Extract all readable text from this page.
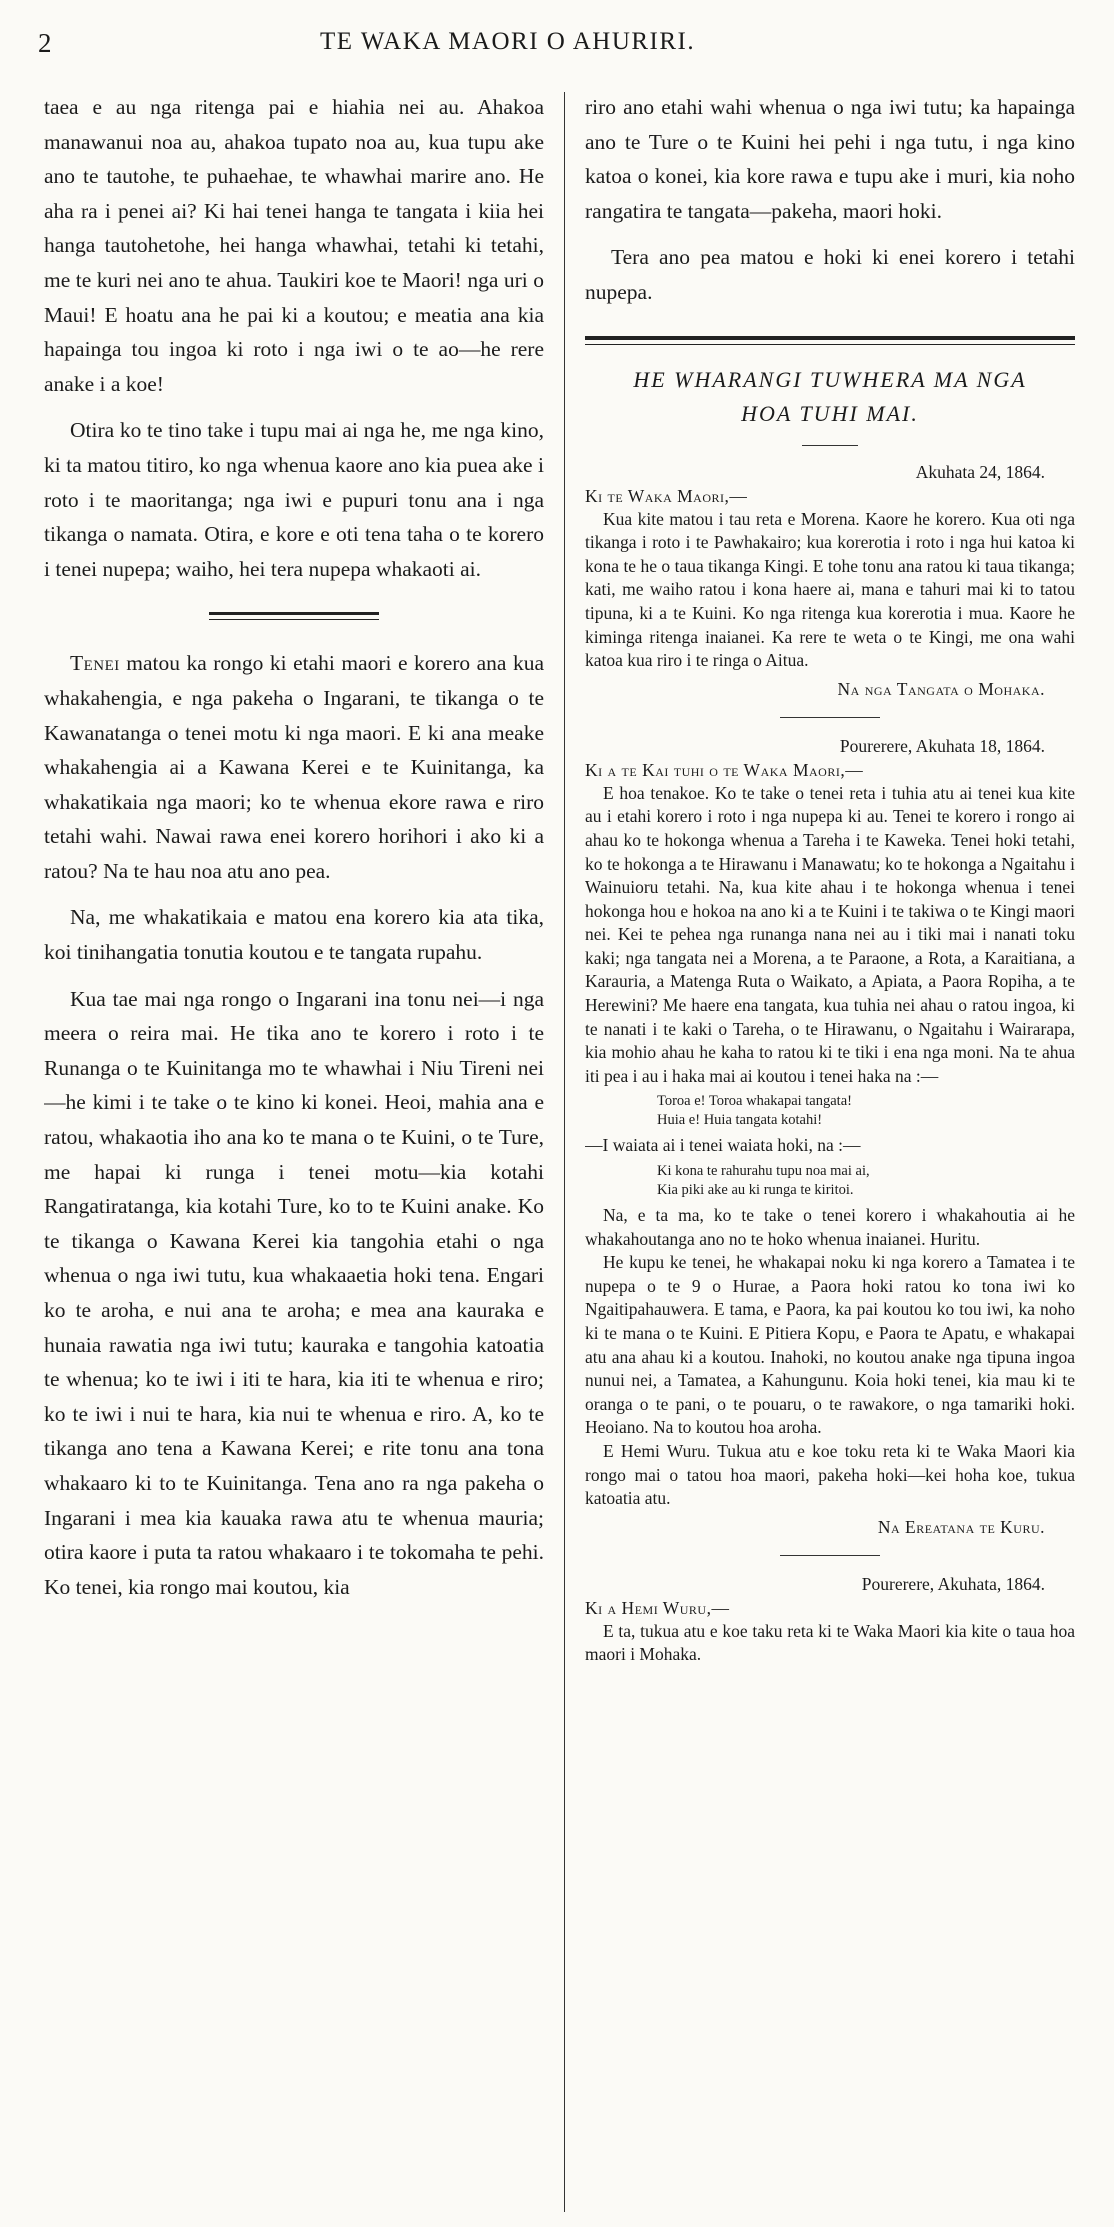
2	TE WAKA MAORI O AHURIRI.

taea e au nga ritenga pai e hiahia nei au. Ahakoa manawanui noa au, ahakoa tupato noa au, kua tupu ake ano te tautohe, te puhaehae, te whawhai marire ano. He aha ra i penei ai? Ki hai tenei hanga te tangata i kiia hei hanga tautohetohe, hei hanga whawhai, tetahi ki tetahi, me te kuri nei ano te ahua. Taukiri koe te Maori! nga uri o Maui! E hoatu ana he pai ki a koutou; e meatia ana kia hapainga tou ingoa ki roto i nga iwi o te ao—he rere anake i a koe!

Otira ko te tino take i tupu mai ai nga he, me nga kino, ki ta matou titiro, ko nga whenua kaore ano kia puea ake i roto i te maoritanga; nga iwi e pupuri tonu ana i nga tikanga o namata. Otira, e kore e oti tena taha o te korero i tenei nupepa; waiho, hei tera nupepa whakaoti ai.

Tenei matou ka rongo ki etahi maori e korero ana kua whakahengia, e nga pakeha o Ingarani, te tikanga o te Kawanatanga o tenei motu ki nga maori. E ki ana meake whakahengia ai a Kawana Kerei e te Kuinitanga, ka whakatikaia nga maori; ko te whenua ekore rawa e riro tetahi wahi. Nawai rawa enei korero horihori i ako ki a ratou? Na te hau noa atu ano pea.

Na, me whakatikaia e matou ena korero kia ata tika, koi tinihangatia tonutia koutou e te tangata rupahu.

Kua tae mai nga rongo o Ingarani ina tonu nei—i nga meera o reira mai. He tika ano te korero i roto i te Runanga o te Kuinitanga mo te whawhai i Niu Tireni nei—he kimi i te take o te kino ki konei. Heoi, mahia ana e ratou, whakaotia iho ana ko te mana o te Kuini, o te Ture, me hapai ki runga i tenei motu—kia kotahi Rangatiratanga, kia kotahi Ture, ko to te Kuini anake. Ko te tikanga o Kawana Kerei kia tangohia etahi o nga whenua o nga iwi tutu, kua whakaaetia hoki tena. Engari ko te aroha, e nui ana te aroha; e mea ana kauraka e hunaia rawatia nga iwi tutu; kauraka e tangohia katoatia te whenua; ko te iwi i iti te hara, kia iti te whenua e riro; ko te iwi i nui te hara, kia nui te whenua e riro. A, ko te tikanga ano tena a Kawana Kerei; e rite tonu ana tona whakaaro ki to te Kuinitanga. Tena ano ra nga pakeha o Ingarani i mea kia kauaka rawa atu te whenua mauria; otira kaore i puta ta ratou whakaaro i te tokomaha te pehi. Ko tenei, kia rongo mai koutou, kia

riro ano etahi wahi whenua o nga iwi tutu; ka hapainga ano te Ture o te Kuini hei pehi i nga tutu, i nga kino katoa o konei, kia kore rawa e tupu ake i muri, kia noho rangatira te tangata—pakeha, maori hoki.

Tera ano pea matou e hoki ki enei korero i tetahi nupepa.

HE WHARANGI TUWHERA MA NGA
HOA TUHI MAI.

Akuhata 24, 1864.

Ki te Waka Maori,—

Kua kite matou i tau reta e Morena. Kaore he korero. Kua oti nga tikanga i roto i te Pawhakairo; kua korerotia i roto i nga hui katoa ki kona te he o taua tikanga Kingi. E tohe tonu ana ratou ki taua tikanga; kati, me waiho ratou i kona haere ai, mana e tahuri mai ki to tatou tipuna, ki a te Kuini. Ko nga ritenga kua korerotia i mua. Kaore he kiminga ritenga inaianei. Ka rere te weta o te Kingi, me ona wahi katoa kua riro i te ringa o Aitua.

Na nga Tangata o Mohaka.

Pourerere, Akuhata 18, 1864.

Ki a te Kai tuhi o te Waka Maori,—

E hoa tenakoe. Ko te take o tenei reta i tuhia atu ai tenei kua kite au i etahi korero i roto i nga nupepa ki au. Tenei te korero i rongo ai ahau ko te hokonga whenua a Tareha i te Kaweka. Tenei hoki tetahi, ko te hokonga a te Hirawanu i Manawatu; ko te hokonga a Ngaitahu i Wainuioru tetahi. Na, kua kite ahau i te hokonga whenua i tenei hokonga hou e hokoa na ano ki a te Kuini i te takiwa o te Kingi maori nei. Kei te pehea nga runanga nana nei au i tiki mai i nanati toku kaki; nga tangata nei a Morena, a te Paraone, a Rota, a Karaitiana, a Karauria, a Matenga Ruta o Waikato, a Apiata, a Paora Ropiha, a te Herewini? Me haere ena tangata, kua tuhia nei ahau o ratou ingoa, ki te nanati i te kaki o Tareha, o te Hirawanu, o Ngaitahu i Wairarapa, kia mohio ahau he kaha to ratou ki te tiki i ena nga moni. Na te ahua iti pea i au i haka mai ai koutou i tenei haka na :—

Toroa e! Toroa whakapai tangata!
Huia e! Huia tangata kotahi!

—I waiata ai i tenei waiata hoki, na :—

Ki kona te rahurahu tupu noa mai ai,
Kia piki ake au ki runga te kiritoi.

Na, e ta ma, ko te take o tenei korero i whakahoutia ai he whakahoutanga ano no te hoko whenua inaianei. Huritu.

He kupu ke tenei, he whakapai noku ki nga korero a Tamatea i te nupepa o te 9 o Hurae, a Paora hoki ratou ko tona iwi ko Ngaitipahauwera. E tama, e Paora, ka pai koutou ko tou iwi, ka noho ki te mana o te Kuini. E Pitiera Kopu, e Paora te Apatu, e whakapai atu ana ahau ki a koutou. Inahoki, no koutou anake nga tipuna ingoa nunui nei, a Tamatea, a Kahungunu. Koia hoki tenei, kia mau ki te oranga o te pani, o te pouaru, o te rawakore, o nga tamariki hoki. Heoiano. Na to koutou hoa aroha.

E Hemi Wuru. Tukua atu e koe toku reta ki te Waka Maori kia rongo mai o tatou hoa maori, pakeha hoki—kei hoha koe, tukua katoatia atu.

Na Ereatana te Kuru.

Pourerere, Akuhata, 1864.

Ki a Hemi Wuru,—

E ta, tukua atu e koe taku reta ki te Waka Maori kia kite o taua hoa maori i Mohaka.
